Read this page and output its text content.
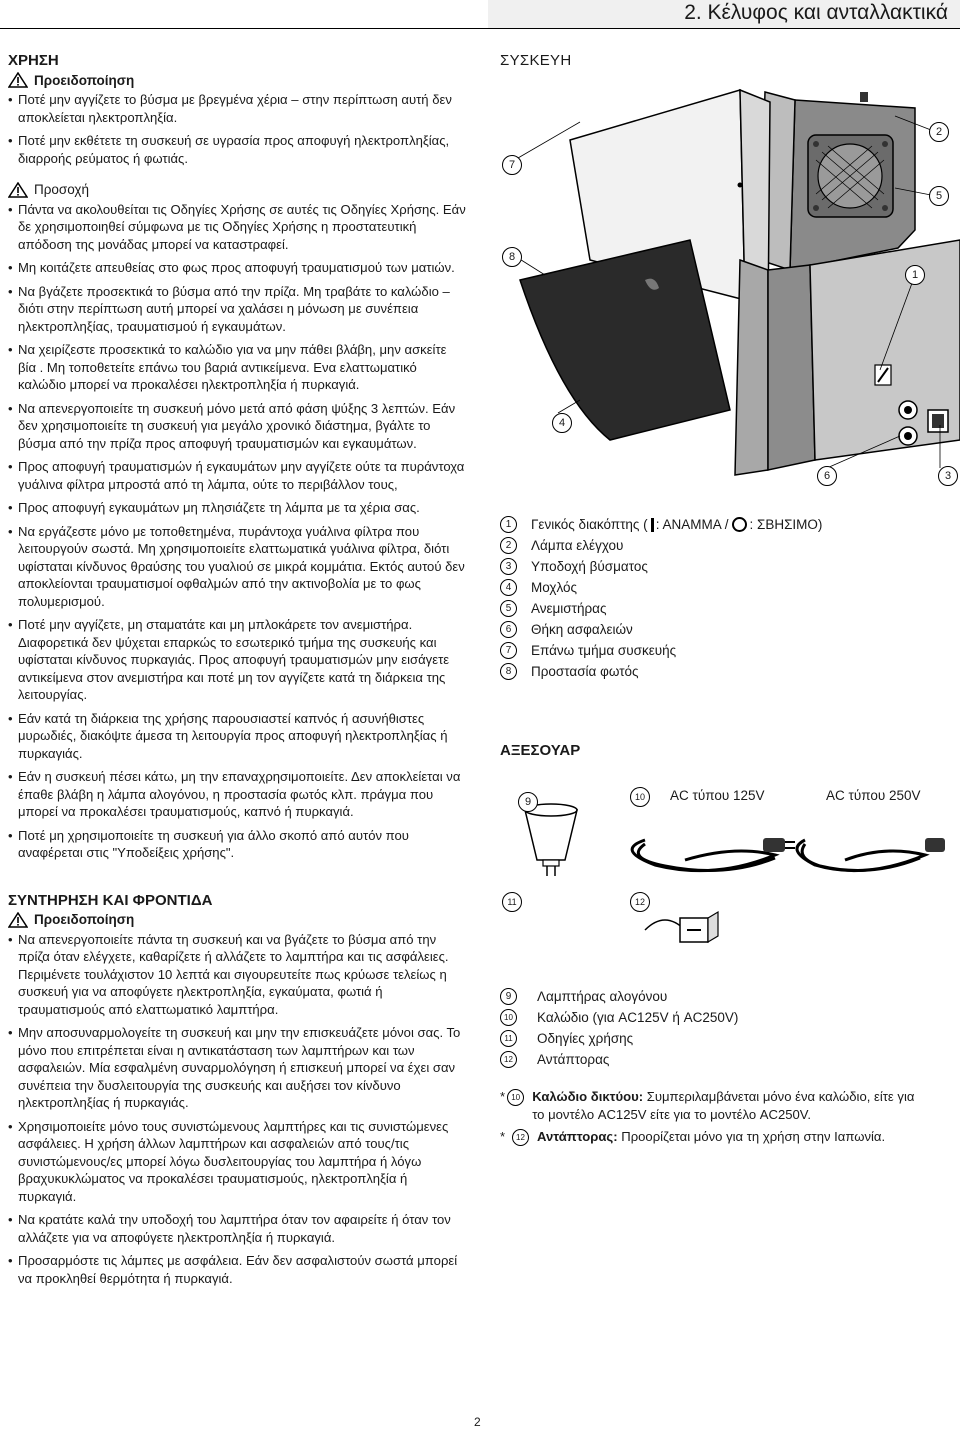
2. Κέλυφος και ανταλλακτικά
ΧΡΗΣΗ
Προειδοποίηση
• Ποτέ μην αγγίζετε το βύσμα με βρεγμένα χέρια – στην περίπτωση αυτή δεν αποκλείεται ηλεκτροπληξία.
• Ποτέ μην εκθέτετε τη συσκευή σε υγρασία προς αποφυγή ηλεκτροπληξίας, διαρροής ρεύματος ή φωτιάς.
Προσοχή
• Πάντα να ακολουθείται τις Οδηγίες Χρήσης σε αυτές τις Οδηγίες Χρήσης. Εάν δε χρησιμοποιηθεί σύμφωνα με τις Οδηγίες Χρήσης η προστατευτική απόδοση της μονάδας μπορεί να καταστραφεί.
• Μη κοιτάζετε απευθείας στο φως προς αποφυγή τραυματισμού των ματιών.
• Να βγάζετε προσεκτικά το βύσμα από την πρίζα. Μη τραβάτε το καλώδιο – διότι στην περίπτωση αυτή μπορεί να χαλάσει η μόνωση με συνέπεια ηλεκτροπληξίας, τραυματισμού ή εγκαυμάτων.
• Να χειρίζεστε προσεκτικά το καλώδιο για να μην πάθει βλάβη, μην ασκείτε βία . Μη τοποθετείτε επάνω του βαριά αντικείμενα. Ενα ελαττωματικό καλώδιο μπορεί να προκαλέσει ηλεκτροπληξία ή πυρκαγιά.
• Να απενεργοποιείτε τη συσκευή μόνο μετά από φάση ψύξης 3 λεπτών. Εάν δεν χρησιμοποιείτε τη συσκευή για μεγάλο χρονικό διάστημα, βγάλτε το βύσμα από την πρίζα προς αποφυγή τραυματισμών και εγκαυμάτων.
• Προς αποφυγή τραυματισμών ή εγκαυμάτων μην αγγίζετε ούτε τα πυράντοχα γυάλινα φίλτρα μπροστά από τη λάμπα, ούτε το περιβάλλον τους,
• Προς αποφυγή εγκαυμάτων μη πλησιάζετε τη λάμπα με τα χέρια σας.
• Να εργάζεστε μόνο με τοποθετημένα, πυράντοχα γυάλινα φίλτρα που λειτουργούν σωστά. Μη χρησιμοποιείτε ελαττωματικά γυάλινα φίλτρα, διότι υφίσταται κίνδυνος θραύσης του γυαλιού σε μικρά κομμάτια. Εκτός αυτού δεν αποκλείονται τραυματισμοί οφθαλμών από την ακτινοβολία με το φως πολυμερισμού.
• Ποτέ μην αγγίζετε, μη σταματάτε και μη μπλοκάρετε τον ανεμιστήρα. Διαφορετικά δεν ψύχεται επαρκώς το εσωτερικό τμήμα της συσκευής και υφίσταται κίνδυνος πυρκαγιάς. Προς αποφυγή τραυματισμών μην εισάγετε αντικείμενα στον ανεμιστήρα και ποτέ μη τον αγγίζετε κατά τη διάρκεια της λειτουργίας.
• Εάν κατά τη διάρκεια της χρήσης παρουσιαστεί καπνός ή ασυνήθιστες μυρωδιές, διακόψτε άμεσα τη λειτουργία προς αποφυγή ηλεκτροπληξίας ή πυρκαγιάς.
• Εάν η συσκευή πέσει κάτω, μη την επαναχρησιμοποιείτε. Δεν αποκλείεται να έπαθε βλάβη η λάμπα αλογόνου, η προστασία φωτός κλπ. πράγμα που μπορεί να προκαλέσει τραυματισμούς, καπνό ή πυρκαγιά.
• Ποτέ μη χρησιμοποιείτε τη συσκευή για άλλο σκοπό από αυτόν που αναφέρεται στις "Υποδείξεις χρήσης".
ΣΥΝΤΗΡΗΣΗ ΚΑΙ ΦΡΟΝΤΙΔΑ
Προειδοποίηση
• Να απενεργοποιείτε πάντα τη συσκευή και να βγάζετε το βύσμα από την πρίζα όταν ελέγχετε, καθαρίζετε ή αλλάζετε το λαμπτήρα και τις ασφάλειες. Περιμένετε τουλάχιστον 10 λεπτά και σιγουρευτείτε πως κρύωσε τελείως η συσκευή για να αποφύγετε ηλεκτροπληξία, εγκαύματα, φωτιά ή τραυματισμούς από ελαττωματικό λαμπτήρα.
• Μην αποσυναρμολογείτε τη συσκευή και μην την επισκευάζετε μόνοι σας. Το μόνο που επιτρέπεται είναι η αντικατάσταση των λαμπτήρων και των ασφαλειών. Μία εσφαλμένη συναρμολόγηση ή επισκευή μπορεί να έχει σαν συνέπεια την δυσλειτουργία της συσκευής και αυξήσει τον κίνδυνο ηλεκτροπληξίας ή πυρκαγιάς.
• Χρησιμοποιείτε μόνο τους συνιστώμενους λαμπτήρες και τις συνιστώμενες ασφάλειες. Η χρήση άλλων λαμπτήρων και ασφαλειών από τους/τις συνιστώμενους/ες μπορεί λόγω δυσλειτουργίας του λαμπτήρα ή λόγω βραχυκυκλώματος να προκαλέσει τραυματισμούς, ηλεκτροπληξία ή πυρκαγιά.
• Να κρατάτε καλά την υποδοχή του λαμπτήρα όταν τον αφαιρείτε ή όταν τον αλλάζετε για να αποφύγετε ηλεκτροπληξία ή πυρκαγιά.
• Προσαρμόστε τις λάμπες με ασφάλεια. Εάν δεν ασφαλιστούν σωστά μπορεί να προκληθεί θερμότητα ή πυρκαγιά.
ΣΥΣΚΕΥΗ
7
8
4
2
5
1
6	3
1	Γενικός διακόπτης ( : ΑΝΑΜΜΑ / : ΣΒΗΣΙΜΟ)
2	Λάμπα ελέγχου
3	Υποδοχή βύσματος
4	Μοχλός
5	Ανεμιστήρας
6	Θήκη ασφαλειών
7	Επάνω τμήμα συσκευής
8	Προστασία φωτός
ΑΞΕΣΟΥΑΡ
9	10
11	12
AC τύπου 125V	AC τύπου 250V
9	Λαμπτήρας αλογόνου
10 Καλώδιο (για AC125V ή AC250V)
11	Οδηγίες χρήσης
12 Αντάπτορας
* 10 Καλώδιο δικτύου: Συμπεριλαμβάνεται μόνο ένα καλώδιο, είτε για το μοντέλο AC125V είτε για το μοντέλο AC250V.
*	12 Αντάπτορας: Προορίζεται μόνο για τη χρήση στην Ιαπωνία.
2
